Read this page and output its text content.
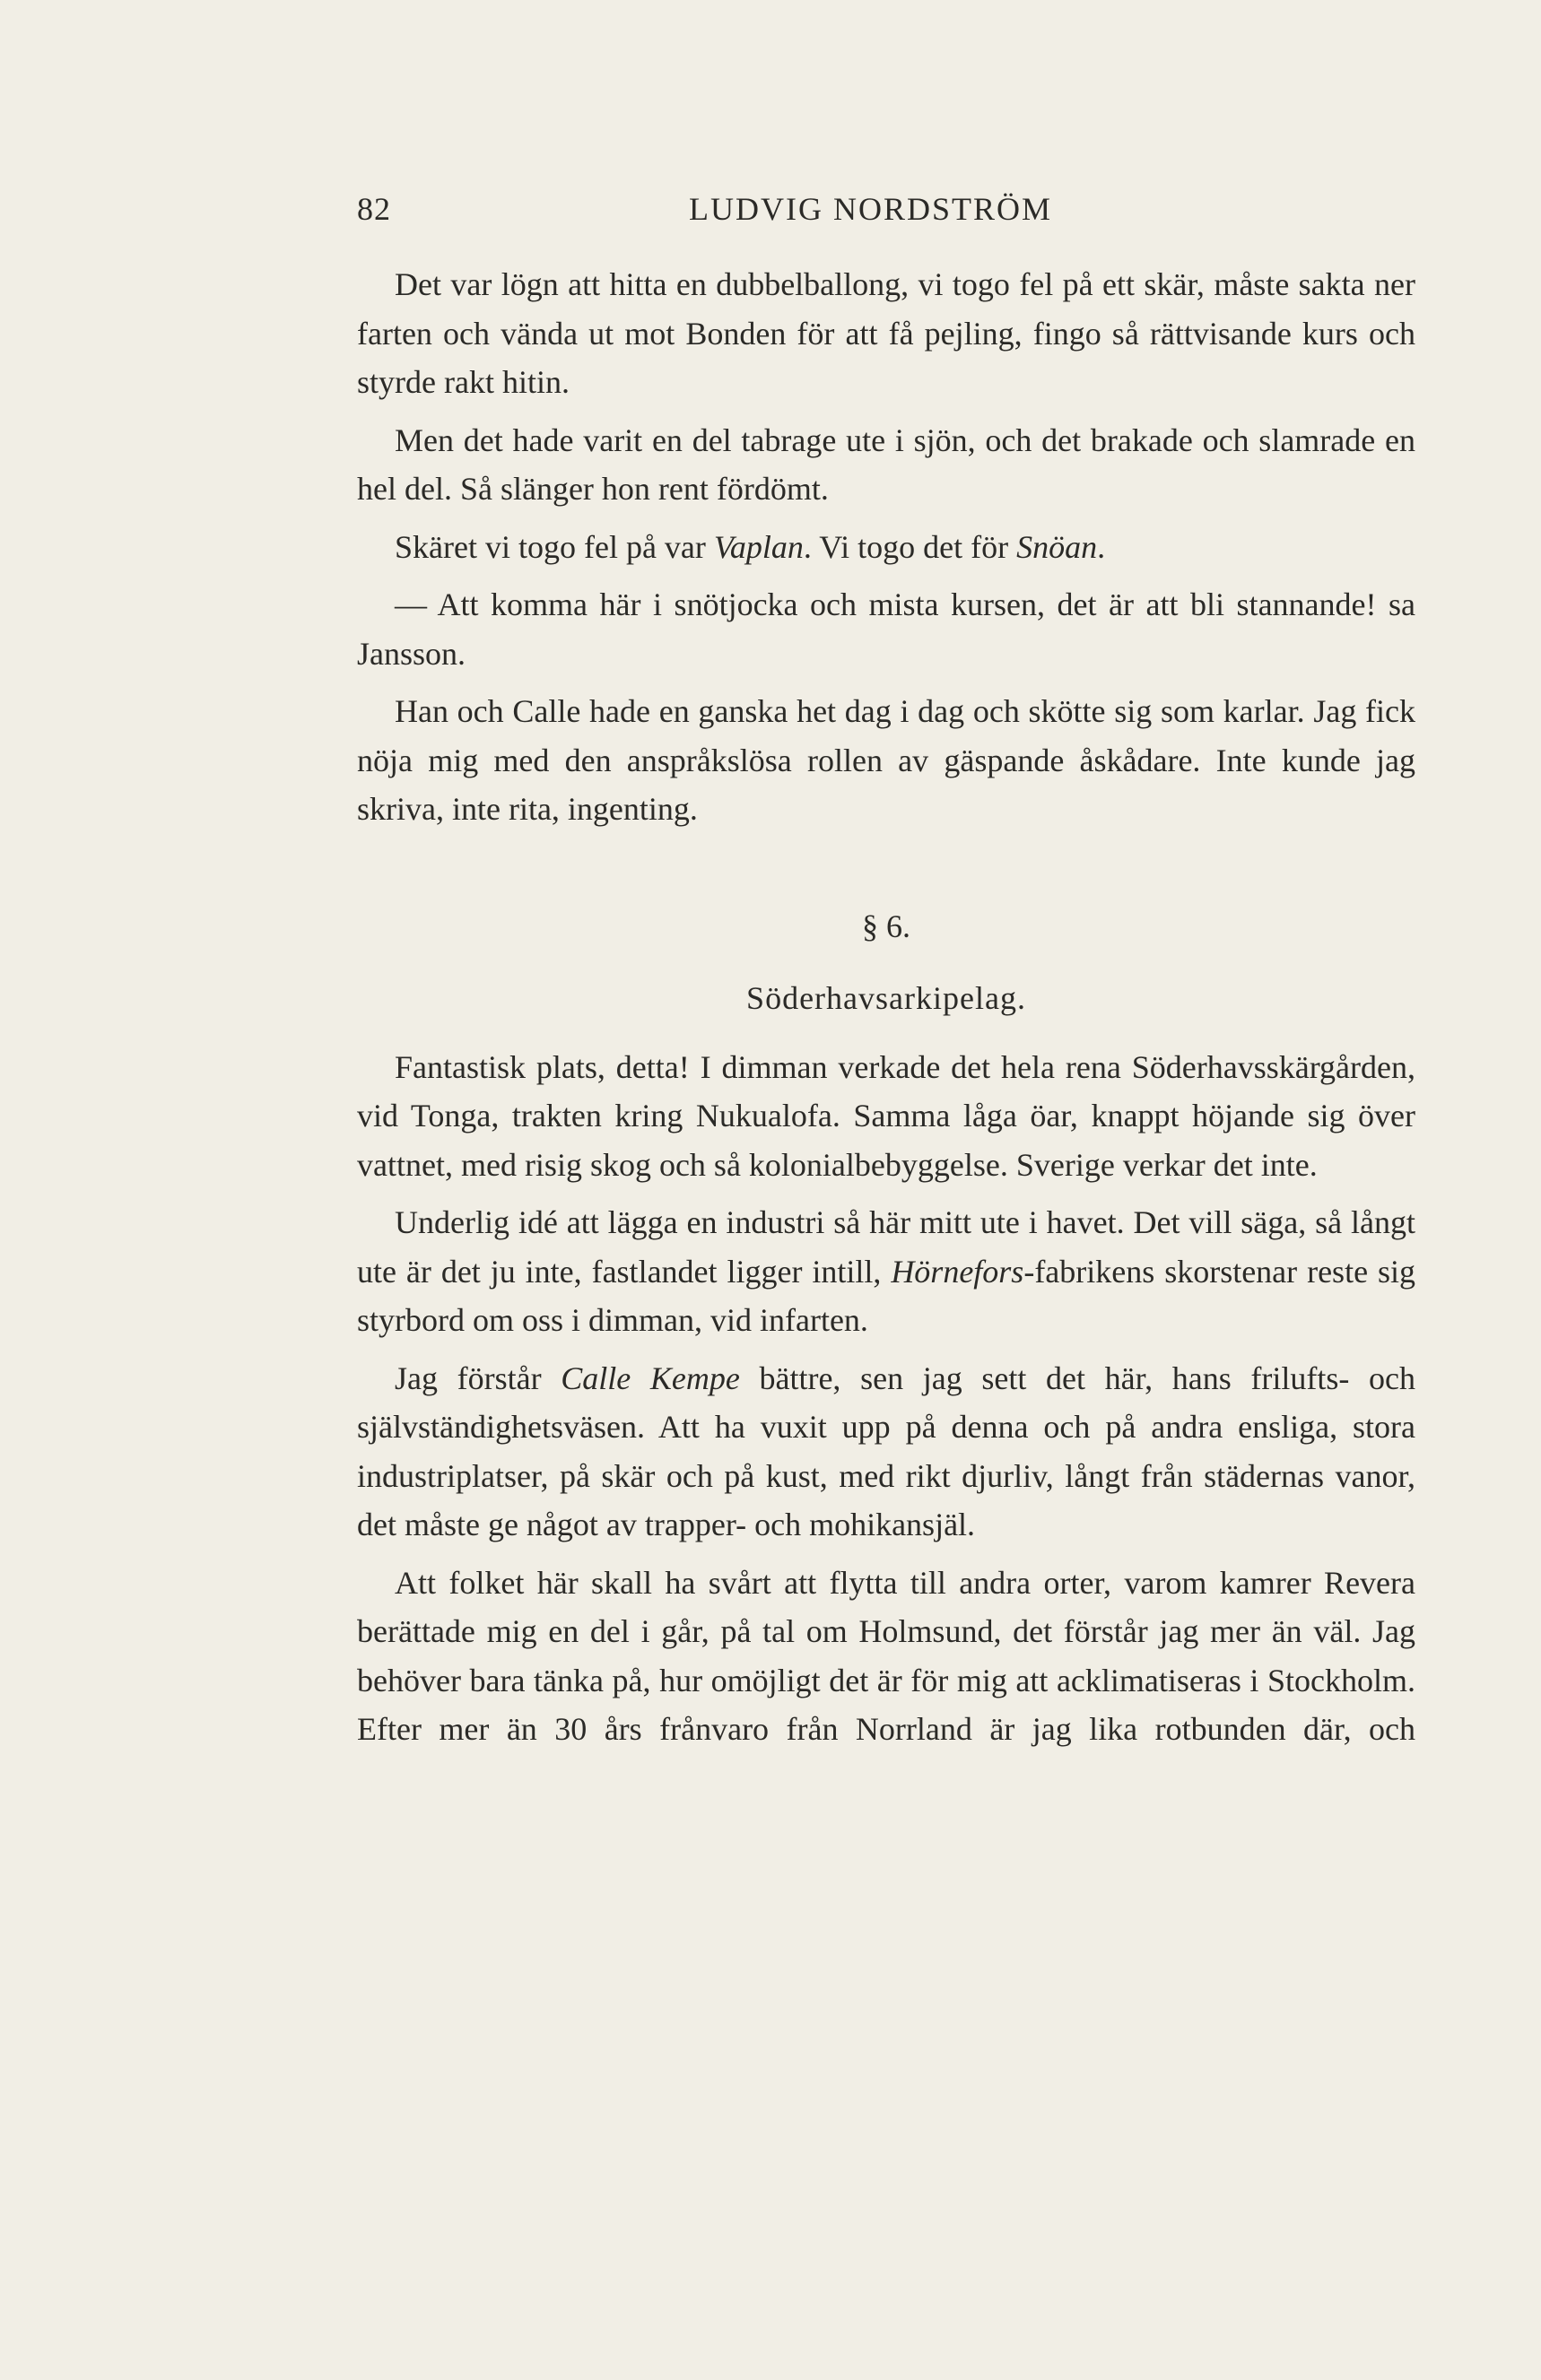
82	LUDVIG NORDSTRÖM

Det var lögn att hitta en dubbelballong, vi togo fel på ett skär, måste sakta ner farten och vända ut mot Bonden för att få pejling, fingo så rättvisande kurs och styrde rakt hitin.

Men det hade varit en del tabrage ute i sjön, och det brakade och slamrade en hel del. Så slänger hon rent fördömt.

Skäret vi togo fel på var Vaplan. Vi togo det för Snöan.

— Att komma här i snötjocka och mista kursen, det är att bli stannande! sa Jansson.

Han och Calle hade en ganska het dag i dag och skötte sig som karlar. Jag fick nöja mig med den anspråkslösa rollen av gäspande åskådare. Inte kunde jag skriva, inte rita, ingenting.

§ 6.

Söderhavsarkipelag.

Fantastisk plats, detta! I dimman verkade det hela rena Söderhavsskärgården, vid Tonga, trakten kring Nukualofa. Samma låga öar, knappt höjande sig över vattnet, med risig skog och så kolonialbebyggelse. Sverige verkar det inte.

Underlig idé att lägga en industri så här mitt ute i havet. Det vill säga, så långt ute är det ju inte, fastlandet ligger intill, Hörnefors-fabrikens skorstenar reste sig styrbord om oss i dimman, vid infarten.

Jag förstår Calle Kempe bättre, sen jag sett det här, hans frilufts- och självständighetsväsen. Att ha vuxit upp på denna och på andra ensliga, stora industriplatser, på skär och på kust, med rikt djurliv, långt från städernas vanor, det måste ge något av trapper- och mohikansjäl.

Att folket här skall ha svårt att flytta till andra orter, varom kamrer Revera berättade mig en del i går, på tal om Holmsund, det förstår jag mer än väl. Jag behöver bara tänka på, hur omöjligt det är för mig att acklimatiseras i Stockholm. Efter mer än 30 års frånvaro från Norrland är jag lika rotbunden där, och
